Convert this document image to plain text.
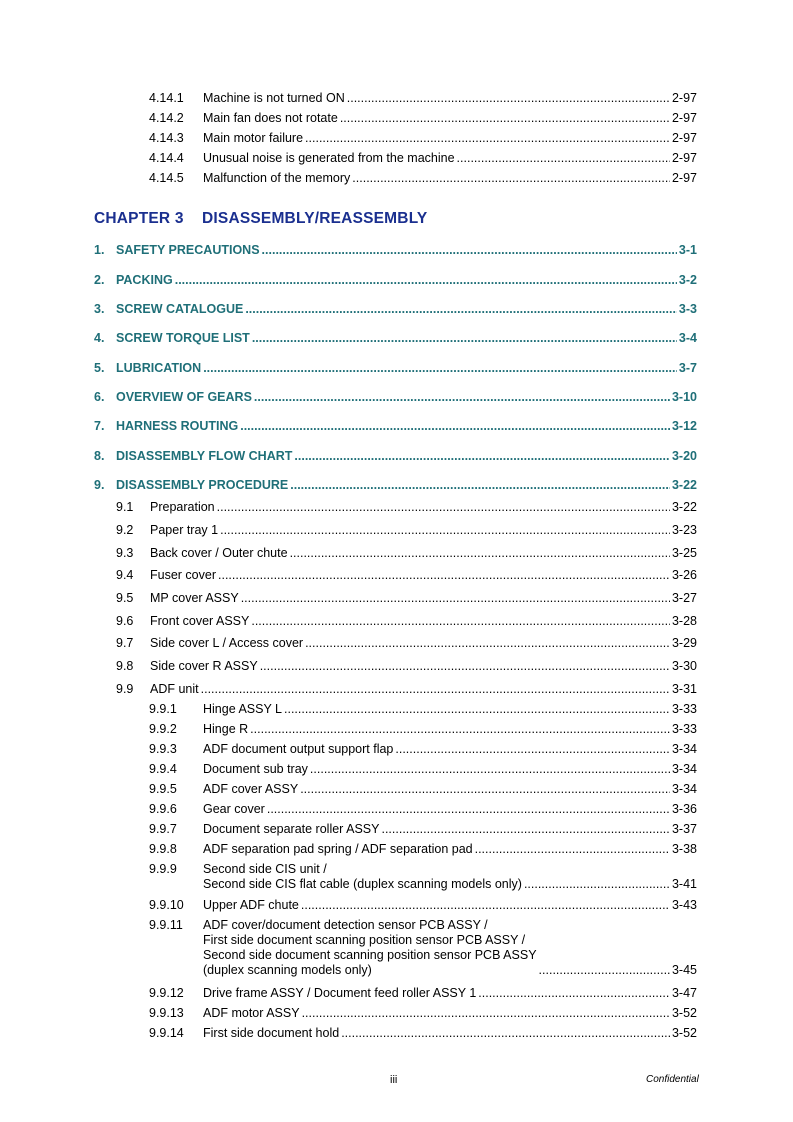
4.14.1	Machine is not turned ON .....	2-97
4.14.2	Main fan does not rotate .....	2-97
4.14.3	Main motor failure .....	2-97
4.14.4	Unusual noise is generated from the machine .....	2-97
4.14.5	Malfunction of the memory .....	2-97
CHAPTER 3 DISASSEMBLY/REASSEMBLY
1. SAFETY PRECAUTIONS .....	3-1
2. PACKING .....	3-2
3. SCREW CATALOGUE .....	3-3
4. SCREW TORQUE LIST .....	3-4
5. LUBRICATION .....	3-7
6. OVERVIEW OF GEARS .....	3-10
7. HARNESS ROUTING .....	3-12
8. DISASSEMBLY FLOW CHART .....	3-20
9. DISASSEMBLY PROCEDURE .....	3-22
9.1	Preparation .....	3-22
9.2	Paper tray 1 .....	3-23
9.3	Back cover / Outer chute .....	3-25
9.4	Fuser cover .....	3-26
9.5	MP cover ASSY .....	3-27
9.6	Front cover ASSY .....	3-28
9.7	Side cover L / Access cover .....	3-29
9.8	Side cover R ASSY .....	3-30
9.9	ADF unit .....	3-31
9.9.1	Hinge ASSY L .....	3-33
9.9.2	Hinge R .....	3-33
9.9.3	ADF document output support flap .....	3-34
9.9.4	Document sub tray .....	3-34
9.9.5	ADF cover ASSY .....	3-34
9.9.6	Gear cover .....	3-36
9.9.7	Document separate roller ASSY .....	3-37
9.9.8	ADF separation pad spring / ADF separation pad .....	3-38
9.9.9	Second side CIS unit /
Second side CIS flat cable (duplex scanning models only) .....	3-41
9.9.10	Upper ADF chute .....	3-43
9.9.11	ADF cover/document detection sensor PCB ASSY /
First side document scanning position sensor PCB ASSY /
Second side document scanning position sensor PCB ASSY
(duplex scanning models only) .....	3-45
9.9.12	Drive frame ASSY / Document feed roller ASSY 1 .....	3-47
9.9.13	ADF motor ASSY .....	3-52
9.9.14	First side document hold .....	3-52
iii	Confidential
